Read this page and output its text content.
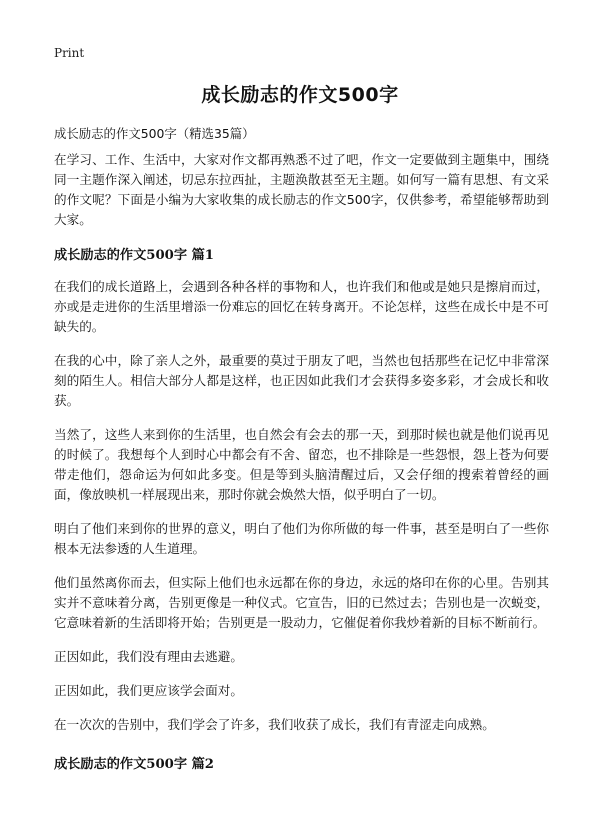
Print
成长励志的作文500字

成长励志的作文500字（精选35篇）

在学习、工作、生活中，大家对作文都再熟悉不过了吧，作文一定要做到主题集中，围绕同一主题作深入阐述，切忌东拉西扯，主题涣散甚至无主题。如何写一篇有思想、有文采的作文呢？下面是小编为大家收集的成长励志的作文500字，仅供参考，希望能够帮助到大家。

成长励志的作文500字 篇1

在我们的成长道路上，会遇到各种各样的事物和人，也许我们和他或是她只是擦肩而过，亦或是走进你的生活里增添一份难忘的回忆在转身离开。不论怎样，这些在成长中是不可缺失的。

在我的心中，除了亲人之外，最重要的莫过于朋友了吧，当然也包括那些在记忆中非常深刻的陌生人。相信大部分人都是这样，也正因如此我们才会获得多姿多彩，才会成长和收获。

当然了，这些人来到你的生活里，也自然会有会去的那一天，到那时候也就是他们说再见的时候了。我想每个人到时心中都会有不舍、留恋，也不排除是一些怨恨，怨上苍为何要带走他们，怨命运为何如此多变。但是等到头脑清醒过后，又会仔细的搜索着曾经的画面，像放映机一样展现出来，那时你就会焕然大悟，似乎明白了一切。

明白了他们来到你的世界的意义，明白了他们为你所做的每一件事，甚至是明白了一些你根本无法参透的人生道理。

他们虽然离你而去，但实际上他们也永远都在你的身边，永远的烙印在你的心里。告别其实并不意味着分离，告别更像是一种仪式。它宣告，旧的已然过去；告别也是一次蜕变，它意味着新的生活即将开始；告别更是一股动力，它催促着你我炒着新的目标不断前行。

正因如此，我们没有理由去逃避。

正因如此，我们更应该学会面对。

在一次次的告别中，我们学会了许多，我们收获了成长，我们有青涩走向成熟。

成长励志的作文500字 篇2
